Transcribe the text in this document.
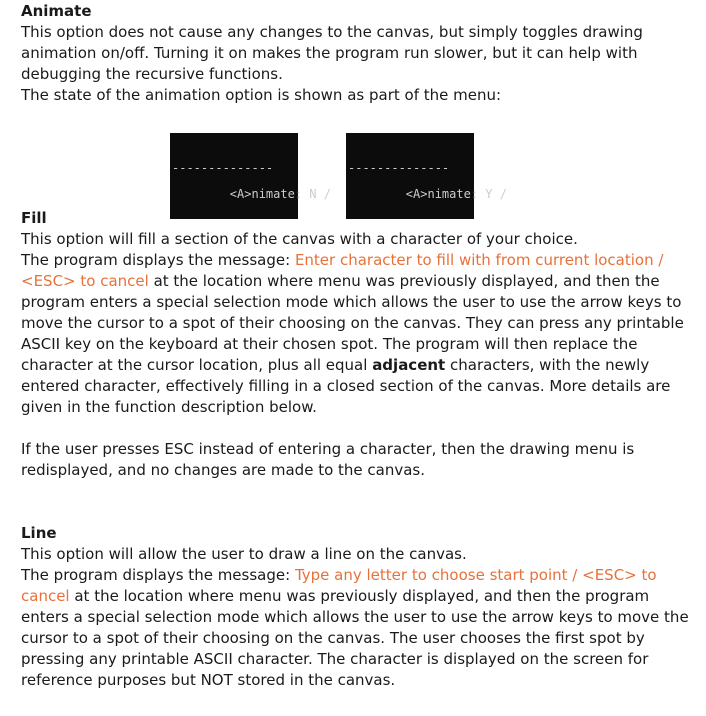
Animate

This option does not cause any changes to the canvas, but simply toggles drawing

animation on/off. Turning it on makes the program run slower, but it can help with

debugging the recursive functions.

The state of the animation option is shown as part of the menu:

--------------

<A>nimate: N /

--------------

<A>nimate: Y /

Fill

This option will fill a section of the canvas with a character of your choice.

The program displays the message: Enter character to fill with from current location /

<ESC> to cancel at the location where menu was previously displayed, and then the

program enters a special selection mode which allows the user to use the arrow keys to

move the cursor to a spot of their choosing on the canvas. They can press any printable

ASCII key on the keyboard at their chosen spot. The program will then replace the

character at the cursor location, plus all equal adjacent characters, with the newly

entered character, effectively filling in a closed section of the canvas. More details are

given in the function description below.

If the user presses ESC instead of entering a character, then the drawing menu is

redisplayed, and no changes are made to the canvas.

Line

This option will allow the user to draw a line on the canvas.

The program displays the message: Type any letter to choose start point / <ESC> to

cancel at the location where menu was previously displayed, and then the program

enters a special selection mode which allows the user to use the arrow keys to move the

cursor to a spot of their choosing on the canvas. The user chooses the first spot by

pressing any printable ASCII character. The character is displayed on the screen for

reference purposes but NOT stored in the canvas.
